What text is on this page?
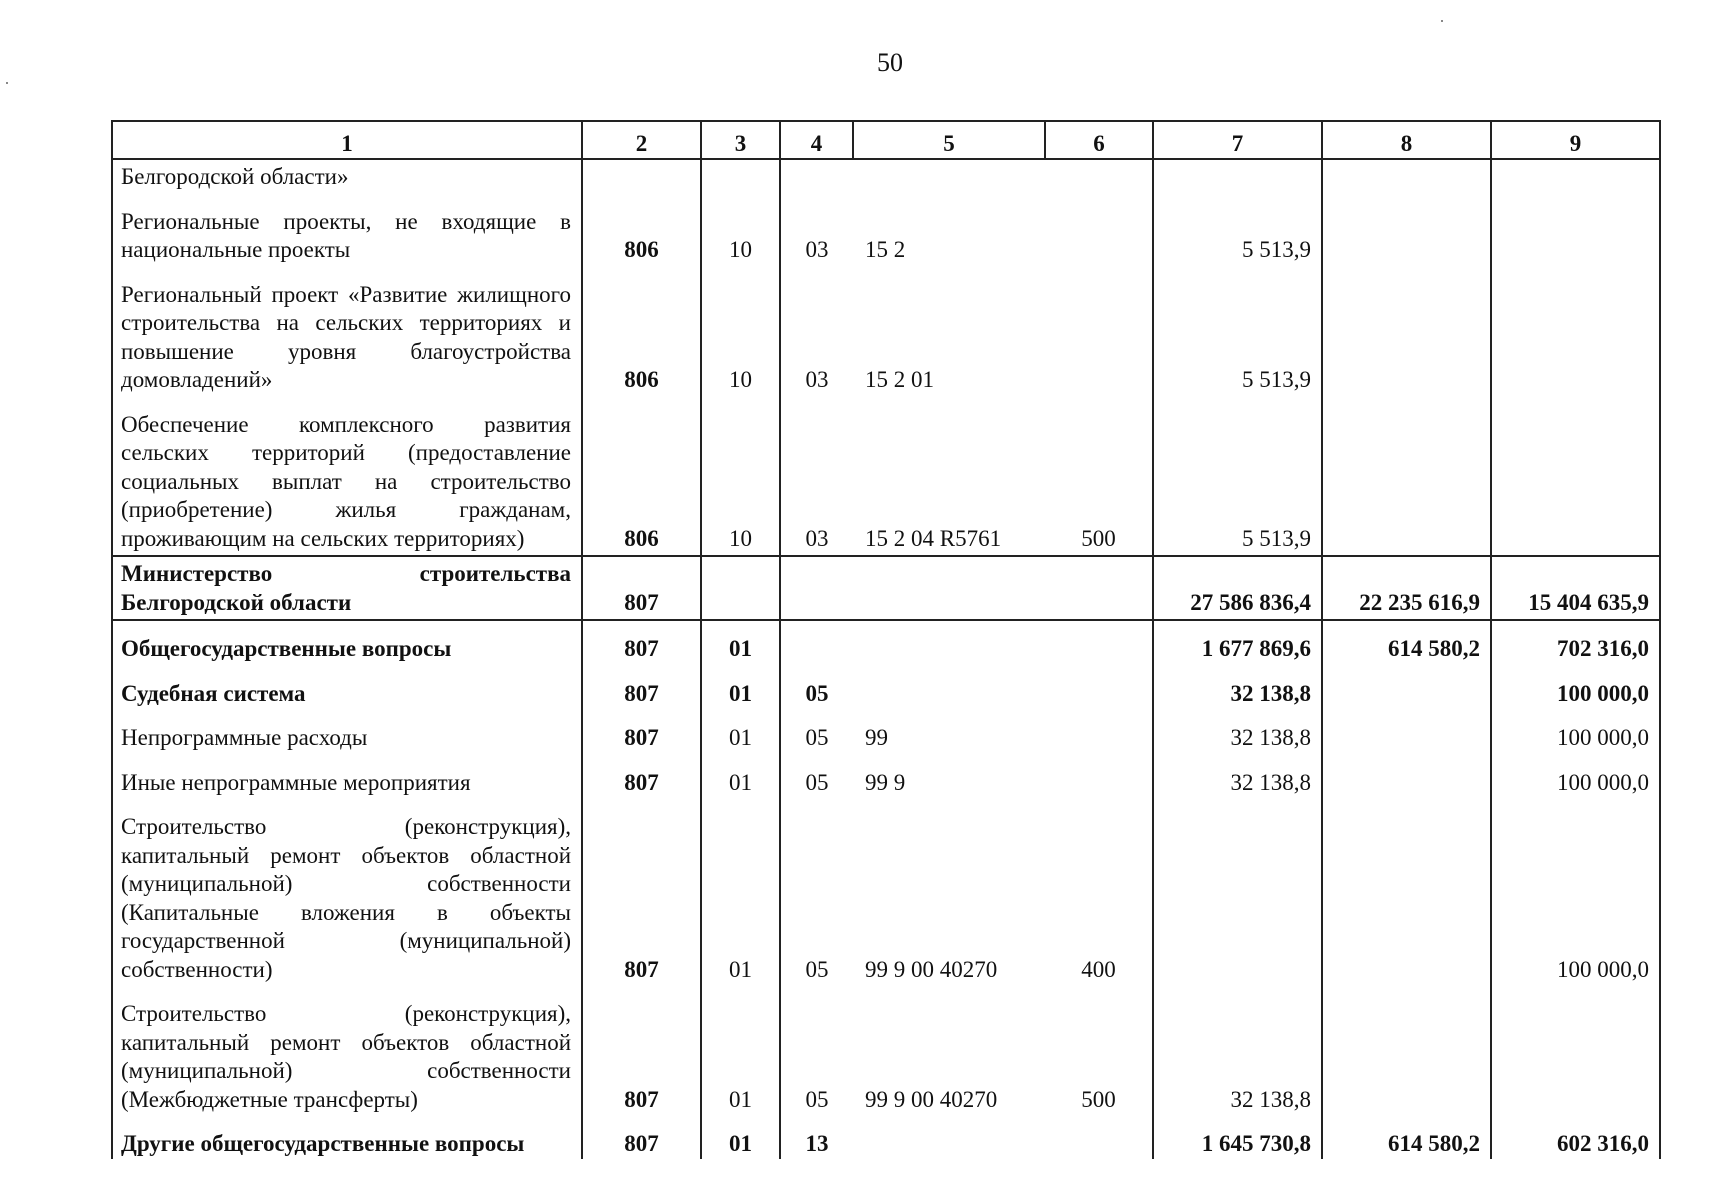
50
1	2	3	4	5	6	7	8	9
Белгородской области»								
Региональные проекты, не входящие в национальные проекты	806	10	03	15 2		5 513,9		
Региональный проект «Развитие жилищного строительства на сельских территориях и повышение уровня благоустройства домовладений»	806	10	03	15 2 01		5 513,9		
Обеспечение комплексного развития сельских территорий (предоставление социальных выплат на строительство (приобретение) жилья гражданам, проживающим на сельских территориях)	806	10	03	15 2 04 R5761	500	5 513,9		
Министерство строительства Белгородской области	807					27 586 836,4	22 235 616,9	15 404 635,9
Общегосударственные вопросы	807	01				1 677 869,6	614 580,2	702 316,0
Судебная система	807	01	05			32 138,8		100 000,0
Непрограммные расходы	807	01	05	99		32 138,8		100 000,0
Иные непрограммные мероприятия	807	01	05	99 9		32 138,8		100 000,0
Строительство (реконструкция), капитальный ремонт объектов областной (муниципальной) собственности (Капитальные вложения в объекты государственной (муниципальной) собственности)	807	01	05	99 9 00 40270	400			100 000,0
Строительство (реконструкция), капитальный ремонт объектов областной (муниципальной) собственности (Межбюджетные трансферты)	807	01	05	99 9 00 40270	500	32 138,8		
Другие общегосударственные вопросы	807	01	13			1 645 730,8	614 580,2	602 316,0
